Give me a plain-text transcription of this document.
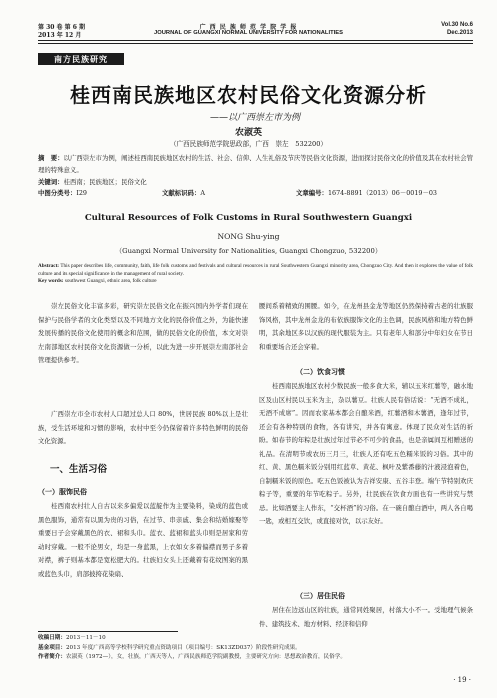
第 30 卷 第 6 期
2013 年 12 月
广 西 民 族 师 范 学 院 学 报
JOURNAL OF GUANGXI NORMAL UNIVERSITY FOR NATIONALITIES
Vol.30 No.6
Dec.2013
南方民族研究
桂西南民族地区农村民俗文化资源分析
——以广西崇左市为例
农淑英
（广西民族师范学院思政部，广西　崇左　532200）
摘　要：以广西崇左市为例，阐述桂西南民族地区农村的生活、社会、信仰、人生礼俗及节庆等民俗文化资源，进而探讨民俗文化的价值及其在农村社会管理的特殊意义。
关键词：桂西南；民族地区；民俗文化
中图分类号：I29	文献标识码：A	文章编号：1674-8891（2013）06－0019－03
Cultural Resources of Folk Customs in Rural Southwestern Guangxi
NONG Shu-ying
（Guangxi Normal University for Nationalities, Guangxi Chongzuo, 532200）
Abstract: This paper describes life, community, faith, life folk customs and festivals and cultural resources in rural Southwestern Guangxi minority area, Chongzuo City. And then it explores the value of folk culture and its special significance in the management of rural society.
Key words: southwest Guangxi, ethnic area, folk culture
崇左民俗文化丰富多彩，研究崇左民俗文化在振兴国内外学者们现在保护与民俗学者的文化类型以及不同地方文化的民俗价值之外，为能快速发展传播的民俗文化使用的概念和范围，做的民俗文化的价值，本文对崇左南部地区农村民俗文化资源做一分析，以此为进一步开展崇左南部社会管理提供参考。
广西崇左市全市农村人口超过总人口 80%，世居民族 80%以上是壮族，受生活环境和习惯的影响，农村中至今仍保留着许多特色鲜明的民俗文化资源。
一、生活习俗
（一）服饰民俗
桂西南农村壮人自古以来多偏爱以蓝靛作为主要染料，染成的蓝色或黑色服饰，通常有以黑为贵的习俗，在过节、串亲戚、集会和结婚嫁娶等重要日子会穿戴黑色的衣、裙和头巾。蓝衣、蓝裙和蓝头巾则是居家和劳动时穿戴。一般不论男女，均是一身蓝黑，上衣如女多着偏襟而男子多着对襟，裤子则基本都是宽松肥大的。壮族妇女头上还戴着有花纹图案的黑或蓝色头巾，肩部披挎花染扇、
腰间系着精致的围腰。如今，在龙州县金龙等地区仍然保持着古老的壮族服饰风格，其中龙州金龙的布依族服饰文化的主色调，民族风格和地方特色鲜明，其余地区多以汉族的现代服装为主。只有老年人和部分中年妇女在节日和重要场合还会穿着。
（二）饮食习惯
桂西南民族地区农村少数民族一般多食大米，辅以玉米红薯等，融水地区及山区村民以玉米为主，杂以薯豆。壮族人民有俗话说：“无酒不成礼，无酒不成席”。因而农家基本都会自酿米酒，红薯酒和木薯酒，逢年过节，还会有各种特别的食物，各有讲究，并各有寓意。体现了民众对生活的祈盼。如春节的年粽是壮族过年过节必不可少的食品，也是亲属间互相赠送的礼品。在清明节或农历三月三，壮族人还有吃五色糯米饭的习俗。其中的红、黄、黑色糯米饭分别用红蓝草、黄花、枫叶及紫番藤的汁液浸泡着色，自制糯米饭的原色。吃五色饭被认为吉祥安康、五谷丰登。端午节特别欢庆粽子等，重要的年节吃粽子。另外，壮民族在饮食方面也有一些讲究与禁忌。比如酒要主人作东，“交杯酒”的习俗。在一碗自酿白酒中，两人各自喝一匙，或相互交饮，或直接对饮，以示友好。
（三）居住民俗
居住在边远山区的壮族，通常同姓聚居，村落大小不一。受地理气候条件、建筑技术、地方材料、经济和信仰
收稿日期：2013－11－10
基金项目：2013 年度广西高等学校科学研究重点资助项目（项目编号：SK13ZD037）阶段性研究成果。
作者简介：农淑英（1972—），女，壮族，广西天等人，广西民族师范学院副教授，主要研究方向：思想政治教育，民俗学。
· 19 ·
